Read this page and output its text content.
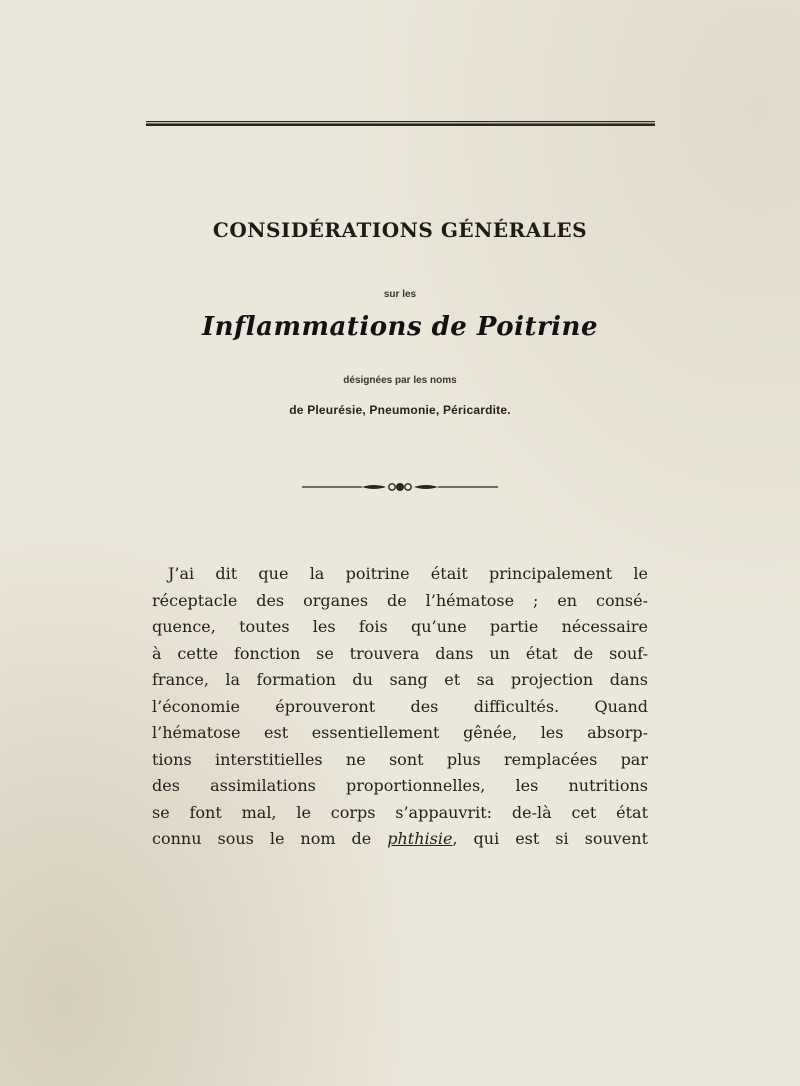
CONSIDÉRATIONS GÉNÉRALES
sur les
Inflammations de Poitrine
désignées par les noms
de Pleurésie, Pneumonie, Péricardite.
J’ai dit que la poitrine était principalement le
réceptacle des organes de l’hématose ; en consé-
quence, toutes les fois qu’une partie nécessaire
à cette fonction se trouvera dans un état de souf-
france, la formation du sang et sa projection dans
l’économie éprouveront des difficultés. Quand
l’hématose est essentiellement gênée, les absorp-
tions interstitielles ne sont plus remplacées par
des assimilations proportionnelles, les nutritions
se font mal, le corps s’appauvrit: de-là cet état
connu sous le nom de phthisie, qui est si souvent
